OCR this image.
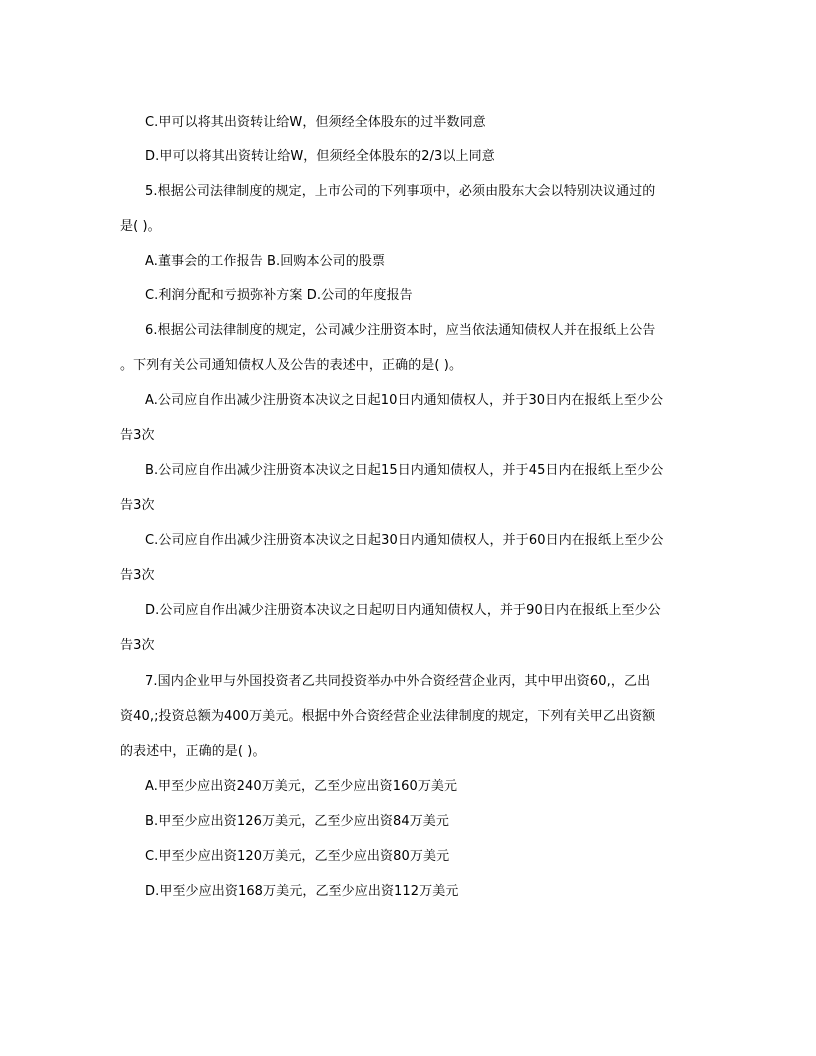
C.甲可以将其出资转让给W，但须经全体股东的过半数同意
D.甲可以将其出资转让给W，但须经全体股东的2/3以上同意
5.根据公司法律制度的规定，上市公司的下列事项中，必须由股东大会以特别决议通过的
是( )。
A.董事会的工作报告 B.回购本公司的股票
C.利润分配和亏损弥补方案 D.公司的年度报告
6.根据公司法律制度的规定，公司减少注册资本时，应当依法通知债权人并在报纸上公告
。下列有关公司通知债权人及公告的表述中，正确的是( )。
A.公司应自作出减少注册资本决议之日起10日内通知债权人，并于30日内在报纸上至少公
告3次
B.公司应自作出减少注册资本决议之日起15日内通知债权人，并于45日内在报纸上至少公
告3次
C.公司应自作出减少注册资本决议之日起30日内通知债权人，并于60日内在报纸上至少公
告3次
D.公司应自作出减少注册资本决议之日起叨日内通知债权人，并于90日内在报纸上至少公
告3次
7.国内企业甲与外国投资者乙共同投资举办中外合资经营企业丙，其中甲出资60,，乙出
资40,;投资总额为400万美元。根据中外合资经营企业法律制度的规定，下列有关甲乙出资额
的表述中，正确的是( )。
A.甲至少应出资240万美元，乙至少应出资160万美元
B.甲至少应出资126万美元，乙至少应出资84万美元
C.甲至少应出资120万美元，乙至少应出资80万美元
D.甲至少应出资168万美元，乙至少应出资112万美元
